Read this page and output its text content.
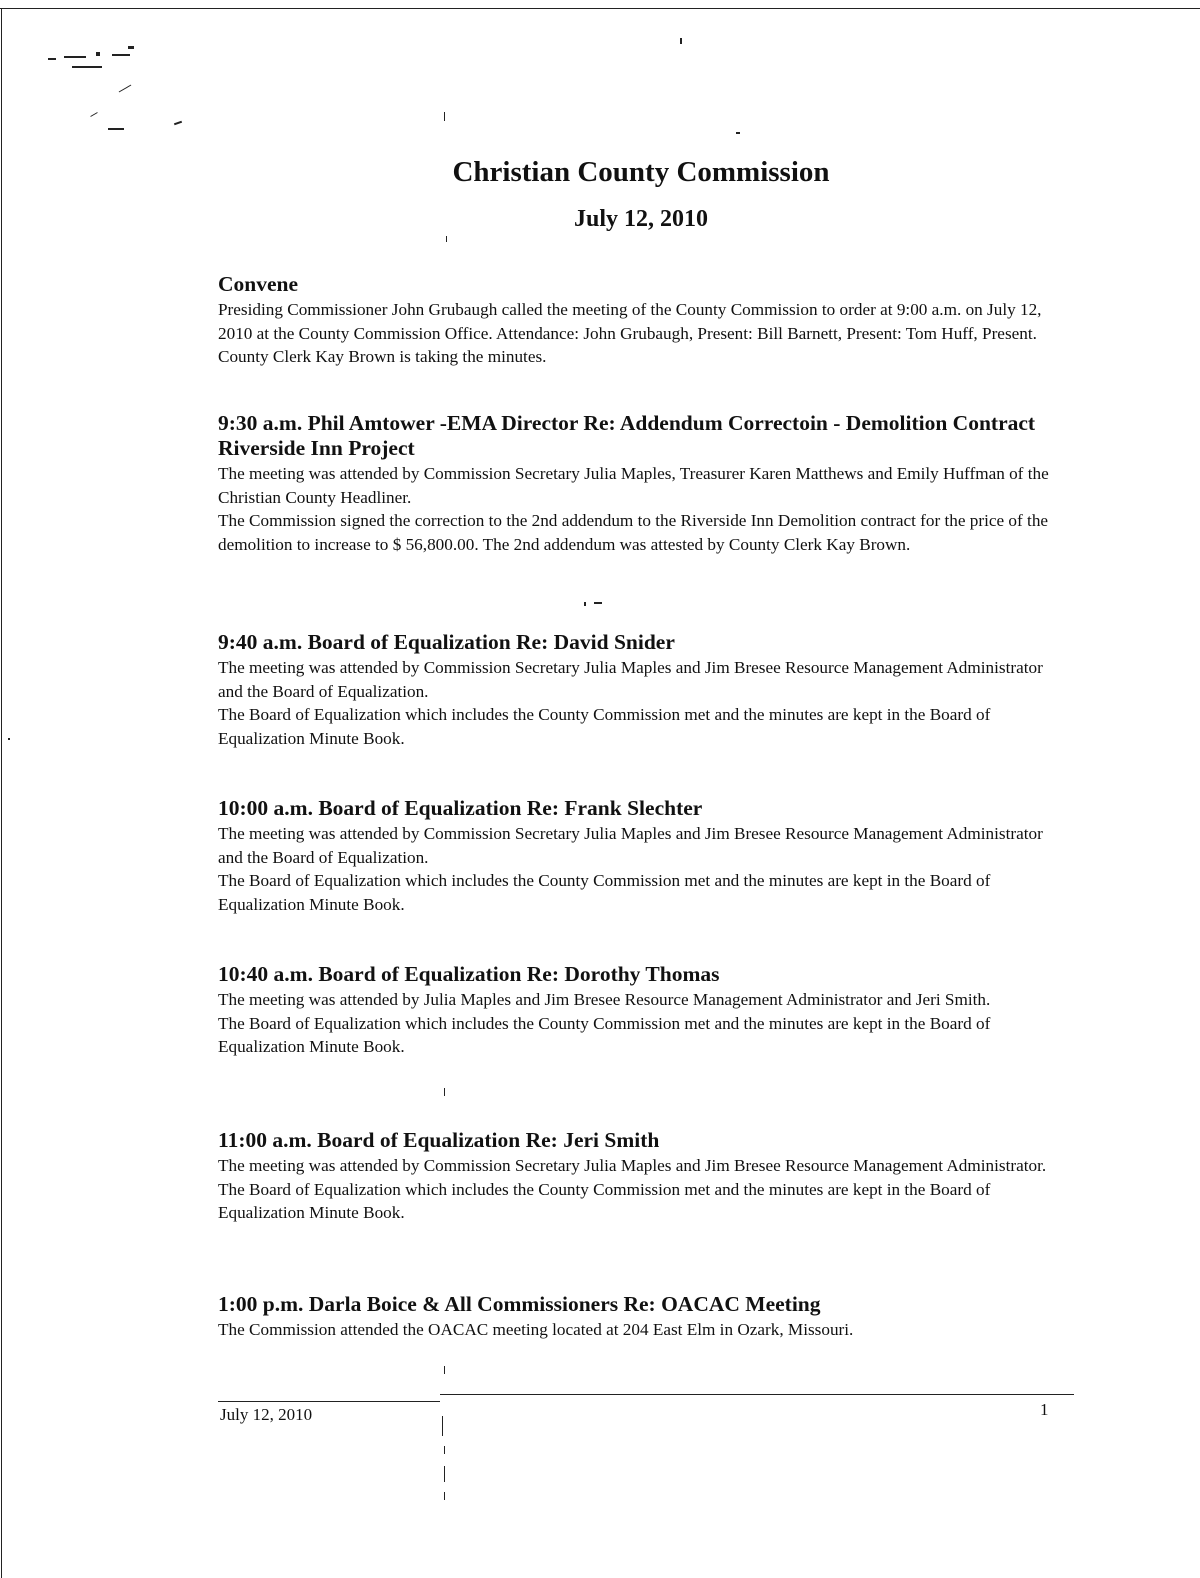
Christian County Commission
July 12, 2010
Convene

Presiding Commissioner John Grubaugh called the meeting of the County Commission to order at 9:00 a.m. on July 12, 2010 at the County Commission Office. Attendance: John Grubaugh, Present: Bill Barnett, Present: Tom Huff, Present. County Clerk Kay Brown is taking the minutes.

9:30 a.m. Phil Amtower -EMA Director Re: Addendum Correctoin - Demolition Contract Riverside Inn Project

The meeting was attended by Commission Secretary Julia Maples, Treasurer Karen Matthews and Emily Huffman of the Christian County Headliner.

The Commission signed the correction to the 2nd addendum to the Riverside Inn Demolition contract for the price of the demolition to increase to $ 56,800.00. The 2nd addendum was attested by County Clerk Kay Brown.

9:40 a.m. Board of Equalization Re: David Snider

The meeting was attended by Commission Secretary Julia Maples and Jim Bresee Resource Management Administrator and the Board of Equalization.

The Board of Equalization which includes the County Commission met and the minutes are kept in the Board of Equalization Minute Book.

10:00 a.m. Board of Equalization Re: Frank Slechter

The meeting was attended by Commission Secretary Julia Maples and Jim Bresee Resource Management Administrator and the Board of Equalization.

The Board of Equalization which includes the County Commission met and the minutes are kept in the Board of Equalization Minute Book.

10:40 a.m. Board of Equalization Re: Dorothy Thomas

The meeting was attended by Julia Maples and Jim Bresee Resource Management Administrator and Jeri Smith.

The Board of Equalization which includes the County Commission met and the minutes are kept in the Board of Equalization Minute Book.

11:00 a.m. Board of Equalization Re: Jeri Smith

The meeting was attended by Commission Secretary Julia Maples and Jim Bresee Resource Management Administrator.

The Board of Equalization which includes the County Commission met and the minutes are kept in the Board of Equalization Minute Book.

1:00 p.m. Darla Boice & All Commissioners Re: OACAC Meeting

The Commission attended the OACAC meeting located at 204 East Elm in Ozark, Missouri.

July 12, 2010	1
